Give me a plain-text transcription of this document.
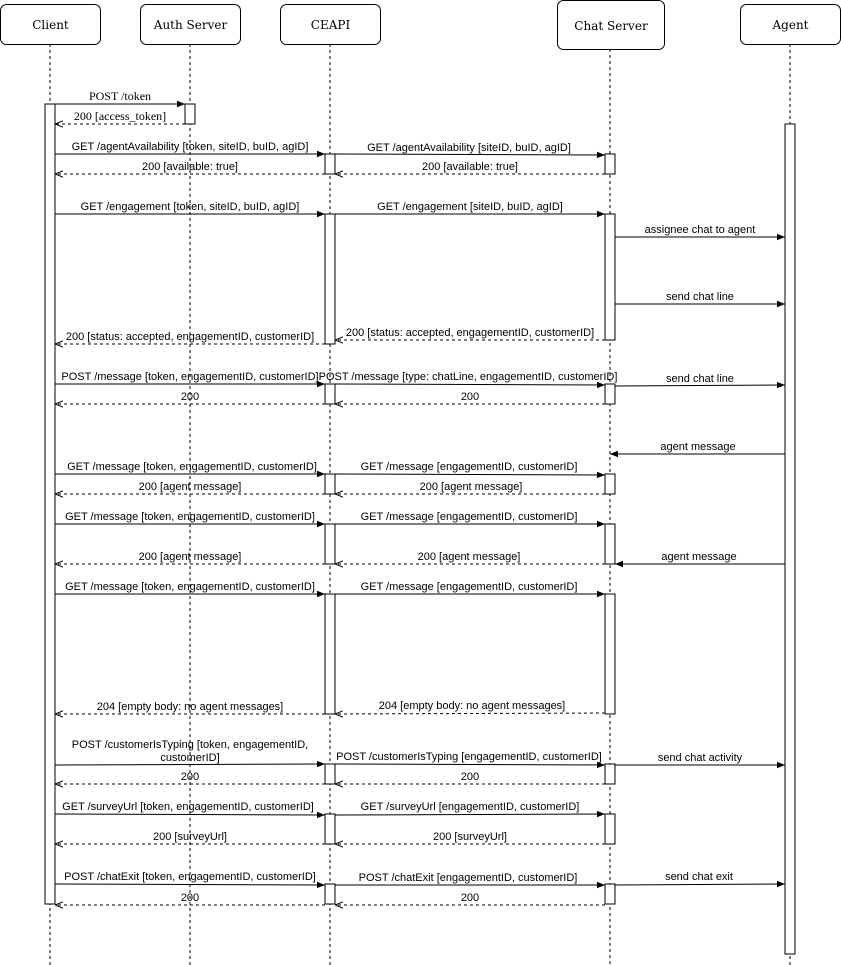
Client	Auth Server	CEAPI	Chat Server	Agent
POST /token
200 [access_token]
GET /agentAvailability [token, siteID, buID, agID]	GET /agentAvailability [siteID, buID, agID]
200 [available: true]	200 [available: true]
GET /engagement [token, siteID, buID, agID]	GET /engagement [siteID, buID, agID]
assignee chat to agent
send chat line
200 [status: accepted, engagementID, customerID]
200 [status: accepted, engagementID, customerID]
POST /message [token, engagementID, customerID] POST /message [type: chatLine, engagementID, customerID]	send chat line
200	200
agent message
GET /message [token, engagementID, customerID]	GET /message [engagementID, customerID]
200 [agent message]	200 [agent message]
GET /message [token, engagementID, customerID]	GET /message [engagementID, customerID]
200 [agent message]	200 [agent message]	agent message
GET /message [token, engagementID, customerID]	GET /message [engagementID, customerID]
204 [empty body: no agent messages]	204 [empty body: no agent messages]
POST /customerIsTyping [token, engagementID,
customerID]	POST /customerIsTyping [engagementID, customerID]	send chat activity
200	200
GET /surveyUrl [token, engagementID, customerID]	GET /surveyUrl [engagementID, customerID]
200 [surveyUrl]	200 [surveyUrl]
POST /chatExit [token, engagementID, customerID]	POST /chatExit [engagementID, customerID]	send chat exit
200	200
